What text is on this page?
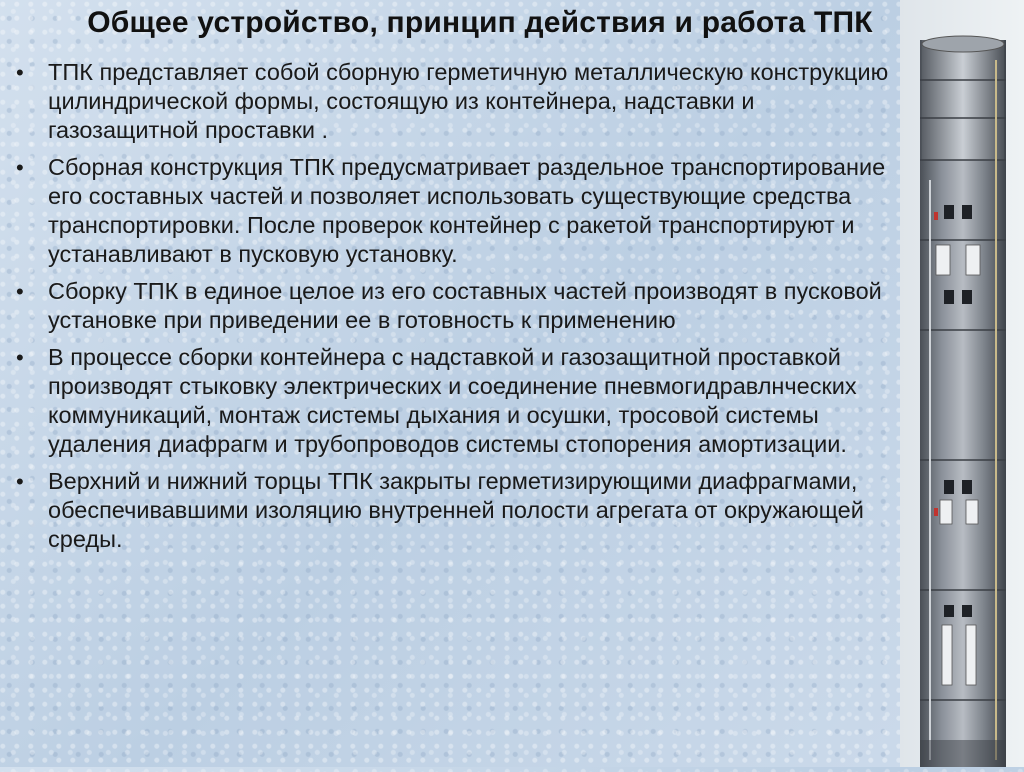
Общее устройство, принцип действия и работа ТПК
• ТПК представляет собой сборную герметичную металлическую конструкцию цилиндрической формы, состоящую из контейнера, надставки и газозащитной проставки .
• Сборная конструкция ТПК предусматривает раздельное транспортирование его составных частей и позволяет использовать существующие средства транспортировки. После проверок контейнер с ракетой транспортируют и устанавливают в пусковую установку.
• Сборку ТПК в единое целое из его составных частей производят в пусковой установке при приведении ее в готовность к применению
• В процессе сборки контейнера с надставкой и газозащитной проставкой производят стыковку электрических и соединение пневмогидравлнческих коммуникаций, монтаж системы дыхания и осушки, тросовой системы удаления диафрагм и трубопроводов системы стопорения амортизации.
• Верхний и нижний торцы ТПК закрыты герметизирующими диафрагмами, обеспечивавшими изоляцию внутренней полости агрегата от окружающей среды.
